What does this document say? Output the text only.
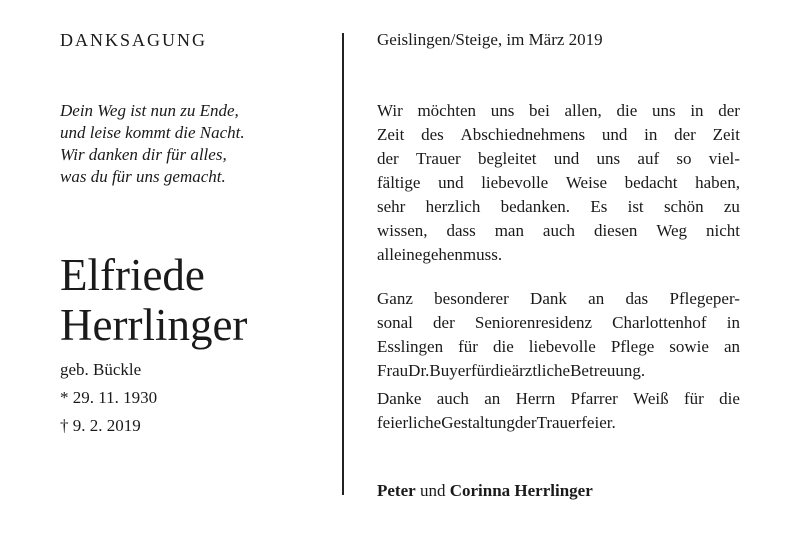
DANKSAGUNG
Dein Weg ist nun zu Ende,
und leise kommt die Nacht.
Wir danken dir für alles,
was du für uns gemacht.
Elfriede
Herrlinger
geb. Bückle
* 29. 11. 1930
† 9. 2. 2019
Geislingen/Steige, im März 2019
Wir möchten uns bei allen, die uns in der
Zeit des Abschiednehmens und in der Zeit
der Trauer begleitet und uns auf so viel-
fältige und liebevolle Weise bedacht haben,
sehr herzlich bedanken. Es ist schön zu
wissen, dass man auch diesen Weg nicht
alleine gehen muss.
Ganz besonderer Dank an das Pflegeper-
sonal der Seniorenresidenz Charlottenhof in
Esslingen für die liebevolle Pflege sowie an
Frau Dr. Buyer für die ärztliche Betreuung.
Danke auch an Herrn Pfarrer Weiß für die
feierliche Gestaltung der Trauerfeier.
Peter und Corinna Herrlinger
